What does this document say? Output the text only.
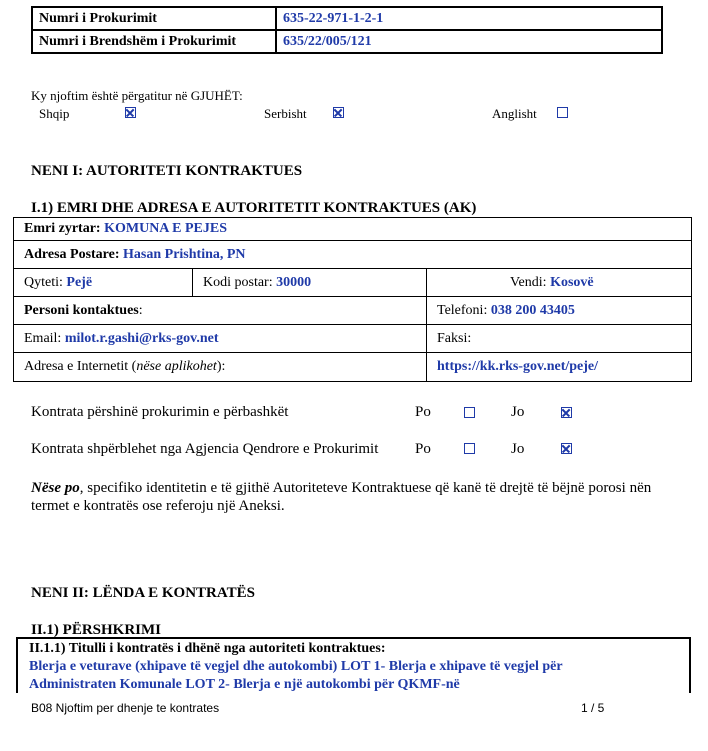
Numri i Prokurimit	635-22-971-1-2-1
Numri i Brendshëm i Prokurimit	635/22/005/121
Ky njoftim është përgatitur në GJUHËT:
Shqip	Serbisht	Anglisht
NENI I: AUTORITETI KONTRAKTUES
I.1) EMRI DHE ADRESA E AUTORITETIT KONTRAKTUES (AK)
Emri zyrtar: KOMUNA E PEJES		
Adresa Postare: Hasan Prishtina, PN		
Qyteti: Pejë	Kodi postar: 30000	Vendi: Kosovë
Personi kontaktues:		Telefoni: 038 200 43405
Email: milot.r.gashi@rks-gov.net		Faksi:
Adresa e Internetit (nëse aplikohet):		https://kk.rks-gov.net/peje/
Kontrata përshinë prokurimin e përbashkët	Po	Jo
Kontrata shpërblehet nga Agjencia Qendrore e Prokurimit Po	Jo
Nëse po, specifiko identitetin e të gjithë Autoriteteve Kontraktuese që kanë të drejtë të bëjnë porosi nën termet e kontratës ose referoju një Aneksi.
NENI II: LËNDA E KONTRATËS
II.1) PËRSHKRIMI
II.1.1) Titulli i kontratës i dhënë nga autoriteti kontraktues:
Blerja e veturave (xhipave të vegjel dhe autokombi) LOT 1- Blerja e xhipave të vegjel për
Administraten Komunale LOT 2- Blerja e një autokombi për QKMF-në
B08 Njoftim per dhenje te kontrates	1 / 5
